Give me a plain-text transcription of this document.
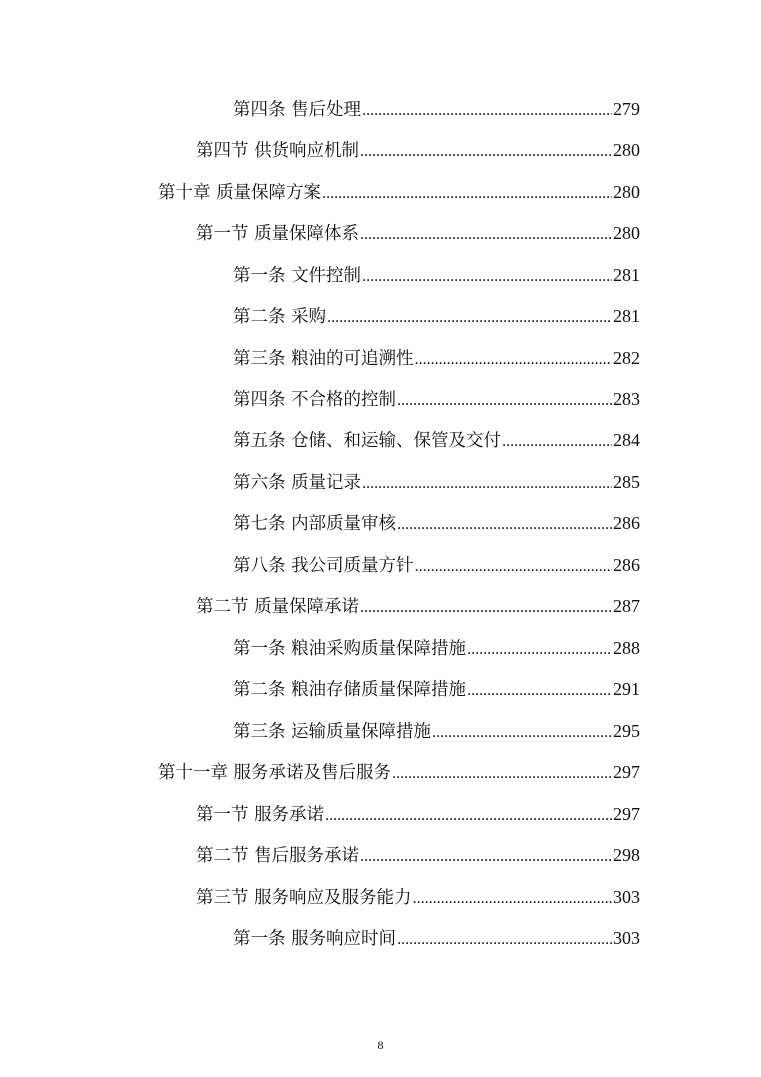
第四条 售后处理 .....	279
第四节 供货响应机制 .....	280
第十章 质量保障方案 .....	280
第一节 质量保障体系 .....	280
第一条 文件控制 .....	281
第二条 采购 .....	281
第三条 粮油的可追溯性 .....	282
第四条 不合格的控制 .....	283
第五条 仓储、和运输、保管及交付 .....	284
第六条 质量记录 .....	285
第七条 内部质量审核 .....	286
第八条 我公司质量方针 .....	286
第二节 质量保障承诺 .....	287
第一条 粮油采购质量保障措施 .....	288
第二条 粮油存储质量保障措施 .....	291
第三条 运输质量保障措施 .....	295
第十一章 服务承诺及售后服务 .....	297
第一节 服务承诺 .....	297
第二节 售后服务承诺 .....	298
第三节 服务响应及服务能力 .....	303
第一条 服务响应时间 .....	303
8
